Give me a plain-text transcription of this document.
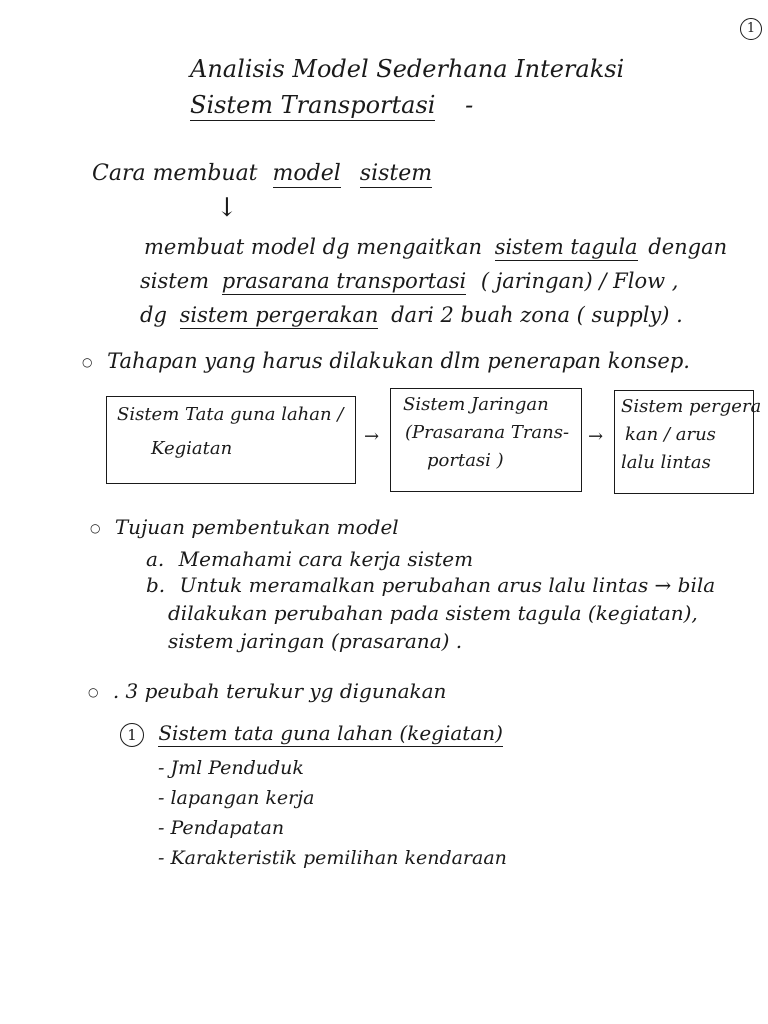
1
Analisis Model Sederhana Interaksi
Sistem Transportasi -
Cara membuat model sistem
↓
membuat model dg mengaitkan sistem tagula dengan
sistem prasarana transportasi ( jaringan) / Flow ,
dg sistem pergerakan dari 2 buah zona ( supply) .
○ Tahapan yang harus dilakukan dlm penerapan konsep.
Sistem Tata guna lahan /
Kegiatan
→
Sistem Jaringan
(Prasarana Trans-
portasi )
→
Sistem pergera
kan / arus
lalu lintas
○ Tujuan pembentukan model
a. Memahami cara kerja sistem
b. Untuk meramalkan perubahan arus lalu lintas → bila
dilakukan perubahan pada sistem tagula (kegiatan),
sistem jaringan (prasarana) .
○ . 3 peubah terukur yg digunakan
1 Sistem tata guna lahan (kegiatan)
- Jml Penduduk
- lapangan kerja
- Pendapatan
- Karakteristik pemilihan kendaraan
